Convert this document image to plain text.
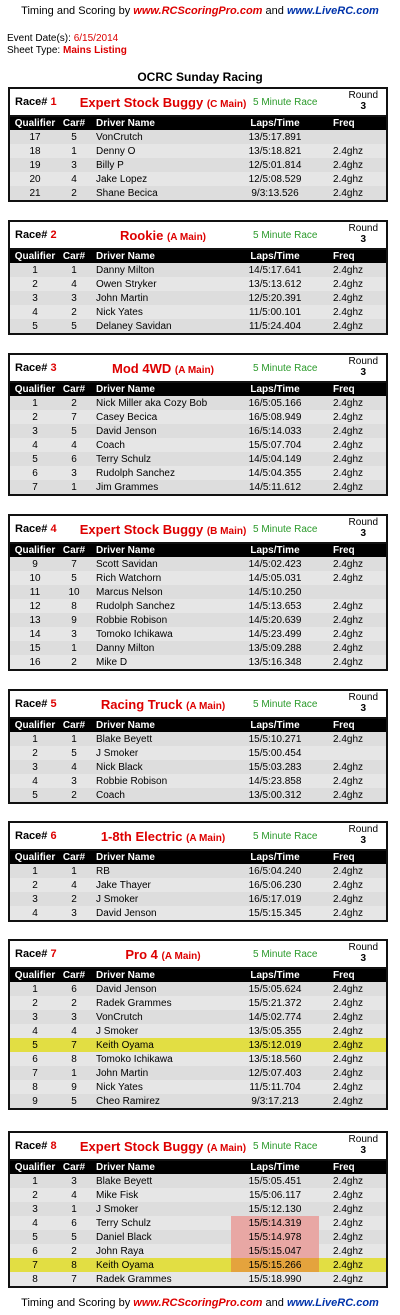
Timing and Scoring by www.RCScoringPro.com and www.LiveRC.com
Event Date(s): 6/15/2014
Sheet Type: Mains Listing
OCRC Sunday Racing
Race# 1	Expert Stock Buggy (C Main) 5 Minute Race
Round
3
Qualifier	Car#	Driver Name	Laps/Time	Freq
17	5	VonCrutch	13/5:17.891	
18	1	Denny O	13/5:18.821	2.4ghz
19	3	Billy P	12/5:01.814	2.4ghz
20	4	Jake Lopez	12/5:08.529	2.4ghz
21	2	Shane Becica	9/3:13.526	2.4ghz
Race# 2	Rookie (A Main)	5 Minute Race
Round
3
Qualifier	Car#	Driver Name	Laps/Time	Freq
1	1	Danny Milton	14/5:17.641	2.4ghz
2	4	Owen Stryker	13/5:13.612	2.4ghz
3	3	John Martin	12/5:20.391	2.4ghz
4	2	Nick Yates	11/5:00.101	2.4ghz
5	5	Delaney Savidan	11/5:24.404	2.4ghz
Race# 3	Mod 4WD (A Main)	5 Minute Race
Round
3
Qualifier	Car#	Driver Name	Laps/Time	Freq
1	2	Nick Miller aka Cozy Bob	16/5:05.166	2.4ghz
2	7	Casey Becica	16/5:08.949	2.4ghz
3	5	David Jenson	16/5:14.033	2.4ghz
4	4	Coach	15/5:07.704	2.4ghz
5	6	Terry Schulz	14/5:04.149	2.4ghz
6	3	Rudolph Sanchez	14/5:04.355	2.4ghz
7	1	Jim Grammes	14/5:11.612	2.4ghz
Race# 4	Expert Stock Buggy (B Main) 5 Minute Race
Round
3
Qualifier	Car#	Driver Name	Laps/Time	Freq
9	7	Scott Savidan	14/5:02.423	2.4ghz
10	5	Rich Watchorn	14/5:05.031	2.4ghz
11	10	Marcus Nelson	14/5:10.250	
12	8	Rudolph Sanchez	14/5:13.653	2.4ghz
13	9	Robbie Robison	14/5:20.639	2.4ghz
14	3	Tomoko Ichikawa	14/5:23.499	2.4ghz
15	1	Danny Milton	13/5:09.288	2.4ghz
16	2	Mike D	13/5:16.348	2.4ghz
Race# 5	Racing Truck (A Main)	5 Minute Race
Round
3
Qualifier	Car#	Driver Name	Laps/Time	Freq
1	1	Blake Beyett	15/5:10.271	2.4ghz
2	5	J Smoker	15/5:00.454	
3	4	Nick Black	15/5:03.283	2.4ghz
4	3	Robbie Robison	14/5:23.858	2.4ghz
5	2	Coach	13/5:00.312	2.4ghz
Race# 6	1-8th Electric (A Main)	5 Minute Race
Round
3
Qualifier	Car#	Driver Name	Laps/Time	Freq
1	1	RB	16/5:04.240	2.4ghz
2	4	Jake Thayer	16/5:06.230	2.4ghz
3	2	J Smoker	16/5:17.019	2.4ghz
4	3	David Jenson	15/5:15.345	2.4ghz
Race# 7	Pro 4 (A Main)	5 Minute Race
Round
3
Qualifier	Car#	Driver Name	Laps/Time	Freq
1	6	David Jenson	15/5:05.624	2.4ghz
2	2	Radek Grammes	15/5:21.372	2.4ghz
3	3	VonCrutch	14/5:02.774	2.4ghz
4	4	J Smoker	13/5:05.355	2.4ghz
5	7	Keith Oyama	13/5:12.019	2.4ghz
6	8	Tomoko Ichikawa	13/5:18.560	2.4ghz
7	1	John Martin	12/5:07.403	2.4ghz
8	9	Nick Yates	11/5:11.704	2.4ghz
9	5	Cheo Ramirez	9/3:17.213	2.4ghz
Race# 8	Expert Stock Buggy (A Main) 5 Minute Race
Round
3
Qualifier	Car#	Driver Name	Laps/Time	Freq
1	3	Blake Beyett	15/5:05.451	2.4ghz
2	4	Mike Fisk	15/5:06.117	2.4ghz
3	1	J Smoker	15/5:12.130	2.4ghz
4	6	Terry Schulz	15/5:14.319	2.4ghz
5	5	Daniel Black	15/5:14.978	2.4ghz
6	2	John Raya	15/5:15.047	2.4ghz
7	8	Keith Oyama	15/5:15.266	2.4ghz
8	7	Radek Grammes	15/5:18.990	2.4ghz
Timing and Scoring by www.RCScoringPro.com and www.LiveRC.com
